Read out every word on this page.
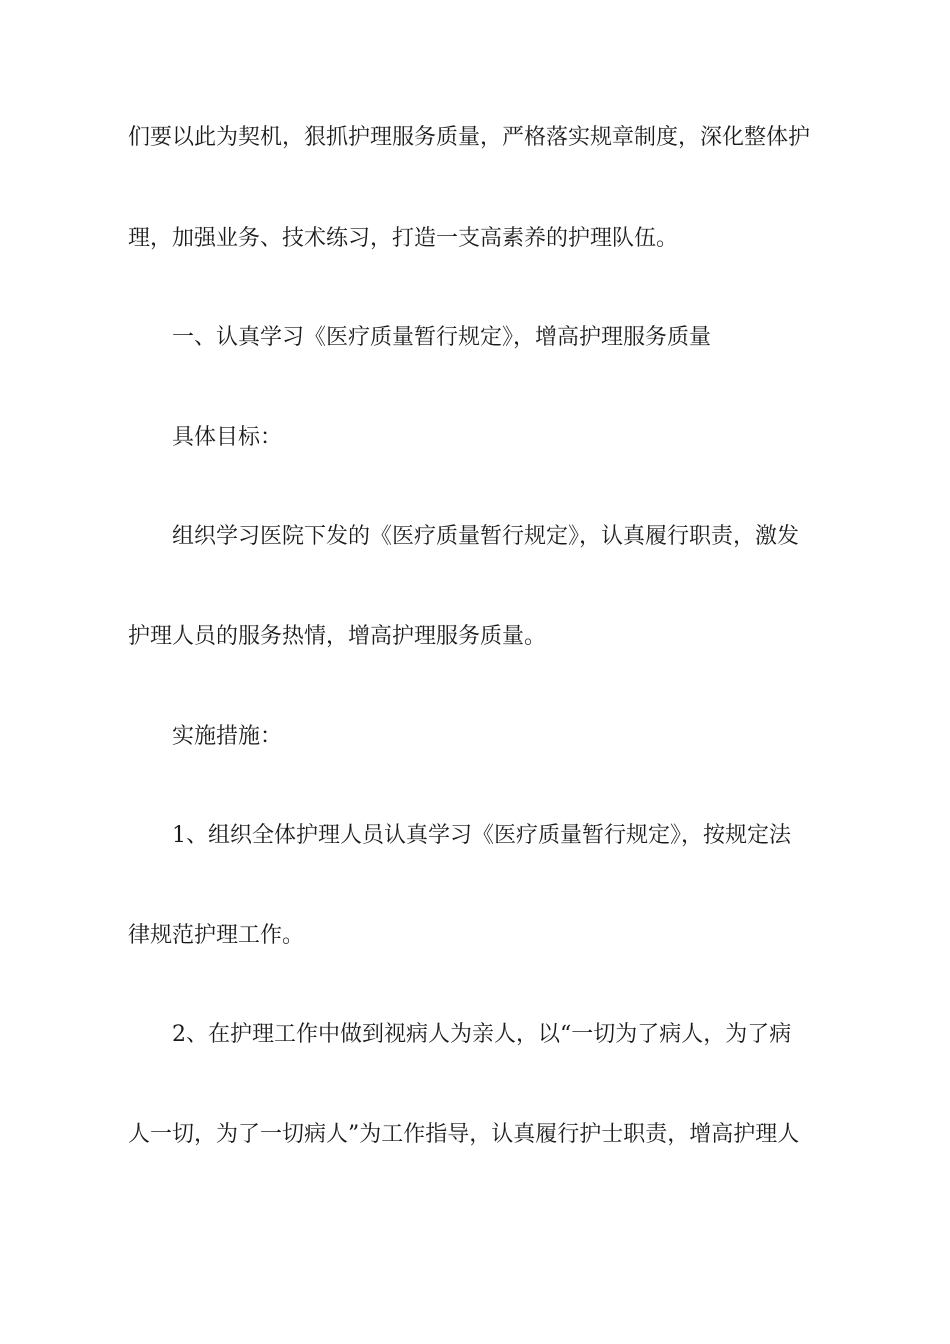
们要以此为契机，狠抓护理服务质量，严格落实规章制度，深化整体护
理，加强业务、技术练习，打造一支高素养的护理队伍。
一、认真学习《医疗质量暂行规定》，增高护理服务质量
具体目标：
组织学习医院下发的《医疗质量暂行规定》，认真履行职责，激发
护理人员的服务热情，增高护理服务质量。
实施措施：
1、组织全体护理人员认真学习《医疗质量暂行规定》，按规定法
律规范护理工作。
2、在护理工作中做到视病人为亲人，以“一切为了病人，为了病
人一切，为了一切病人”为工作指导，认真履行护士职责，增高护理人
